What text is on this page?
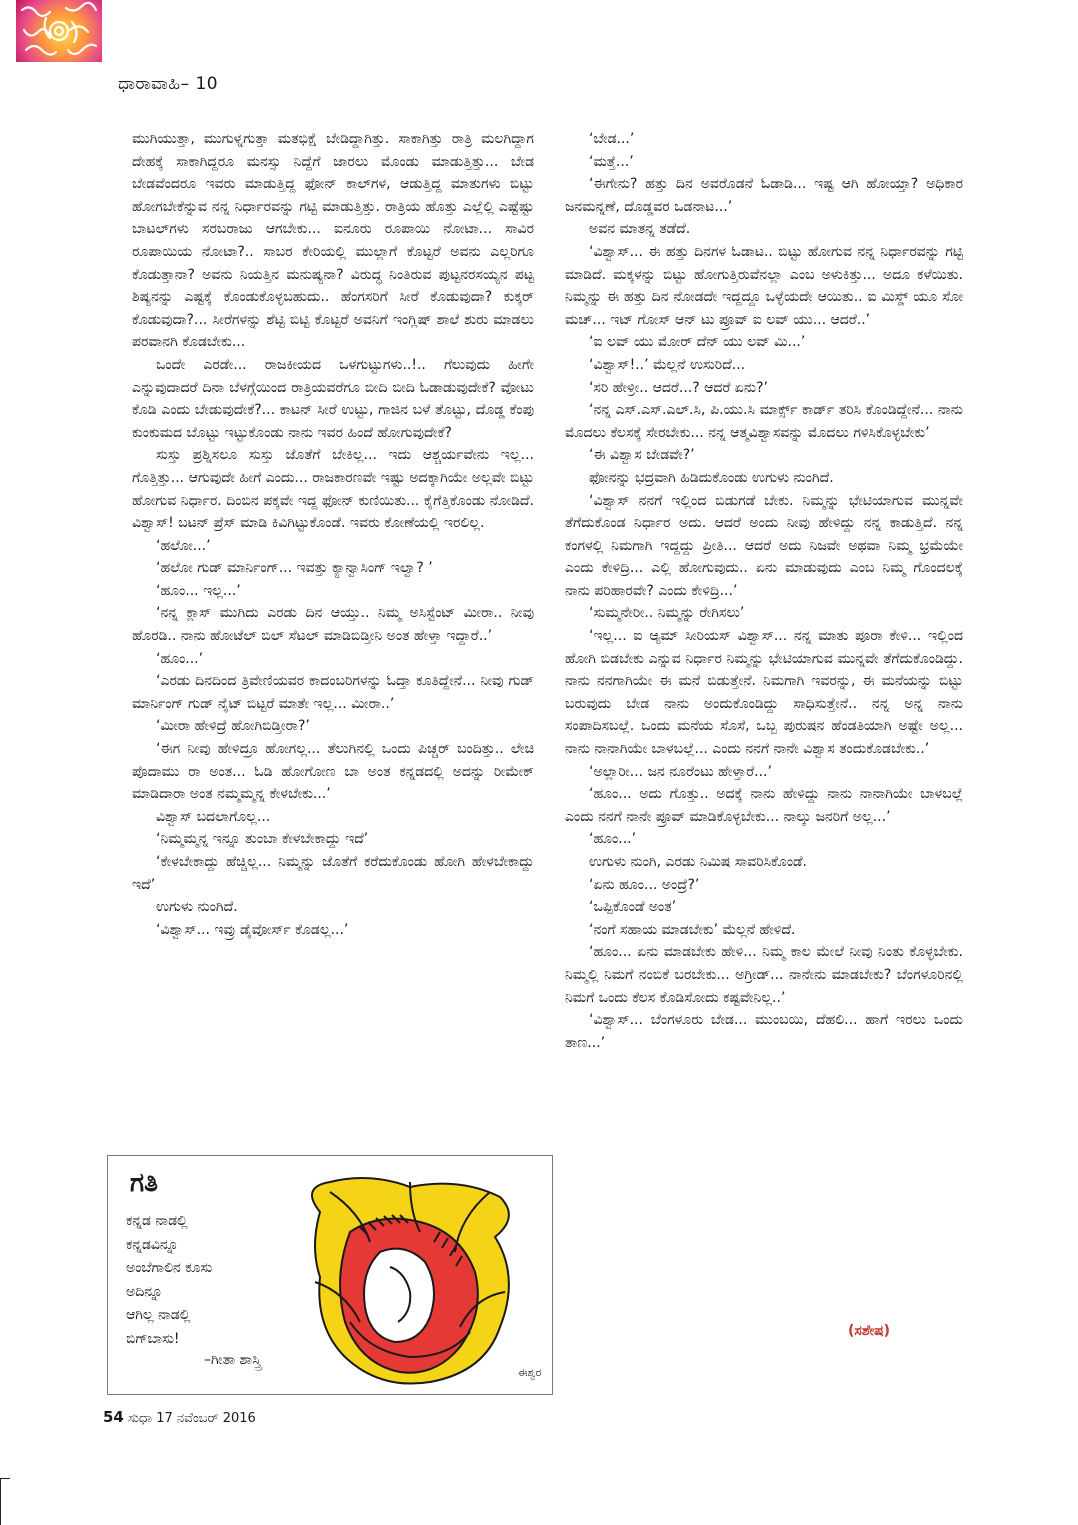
ಧಾರಾವಾಹಿ– 10

ಮುಗಿಯುತ್ತಾ, ಮುಗುಳ್ನಗುತ್ತಾ ಮತಭಿಕ್ಷೆ ಬೇಡಿದ್ದಾಗಿತ್ತು. ಸಾಕಾಗಿತ್ತು ರಾತ್ರಿ ಮಲಗಿದ್ದಾಗ ದೇಹಕ್ಕೆ ಸಾಕಾಗಿದ್ದರೂ ಮನಸ್ಸು ನಿದ್ದೆಗೆ ಜಾರಲು ಮೊಂಡು ಮಾಡುತ್ತಿತ್ತು... ಬೇಡ ಬೇಡವೆಂದರೂ ಇವರು ಮಾಡುತ್ತಿದ್ದ ಫೋನ್ ಕಾಲ್‌ಗಳ, ಆಡುತ್ತಿದ್ದ ಮಾತುಗಳು ಬಿಟ್ಟು ಹೋಗಬೇಕೆನ್ನುವ ನನ್ನ ನಿರ್ಧಾರವನ್ನು ಗಟ್ಟಿ ಮಾಡುತ್ತಿತ್ತು. ರಾತ್ರಿಯ ಹೊತ್ತು ಎಲ್ಲೆಲ್ಲಿ ಎಷ್ಟೆಷ್ಟು ಬಾಟಲ್‌ಗಳು ಸರಬರಾಜು ಆಗಬೇಕು... ಐನೂರು ರೂಪಾಯಿ ನೋಟಾ... ಸಾವಿರ ರೂಪಾಯಿಯ ನೋಟಾ?.. ಸಾಬರ ಕೇರಿಯಲ್ಲಿ ಮುಲ್ಲಾಗೆ ಕೊಟ್ಟರೆ ಅವನು ಎಲ್ಲರಿಗೂ ಕೊಡುತ್ತಾನಾ? ಅವನು ನಿಯತ್ತಿನ ಮನುಷ್ಯನಾ? ವಿರುದ್ಧ ನಿಂತಿರುವ ಪುಟ್ಟನರಸಯ್ಯನ ಪಟ್ಟ ಶಿಷ್ಯನನ್ನು ಎಷ್ಟಕ್ಕೆ ಕೊಂಡುಕೊಳ್ಳಬಹುದು.. ಹೆಂಗಸರಿಗೆ ಸೀರೆ ಕೊಡುವುದಾ? ಕುಕ್ಕರ್ ಕೊಡುವುದಾ?... ಸೀರೆಗಳನ್ನು ಶೆಟ್ಟಿ ಬಿಟ್ಟಿ ಕೊಟ್ಟರೆ ಅವನಿಗೆ ಇಂಗ್ಲಿಷ್ ಶಾಲೆ ಶುರು ಮಾಡಲು ಪರವಾನಗಿ ಕೊಡಬೇಕು...

ಒಂದೇ ಎರಡೇ... ರಾಜಕೀಯದ ಒಳಗುಟ್ಟುಗಳು..!.. ಗೆಲುವುದು ಹೀಗೇ ಎನ್ನುವುದಾದರೆ ದಿನಾ ಬೆಳಗ್ಗೆಯಿಂದ ರಾತ್ರಿಯವರೆಗೂ ಬೀದಿ ಬೀದಿ ಓಡಾಡುವುದೇಕೆ? ವೋಟು ಕೊಡಿ ಎಂದು ಬೇಡುವುದೇಕೆ?... ಕಾಟನ್ ಸೀರೆ ಉಟ್ಟು, ಗಾಜಿನ ಬಳೆ ತೊಟ್ಟು, ದೊಡ್ಡ ಕೆಂಪು ಕುಂಕುಮದ ಬೊಟ್ಟು ಇಟ್ಟುಕೊಂಡು ನಾನು ಇವರ ಹಿಂದೆ ಹೋಗುವುದೇಕೆ?

ಸುಸ್ತು ಪ್ರಶ್ನಿಸಲೂ ಸುಸ್ತು ಜೊತೆಗೆ ಬೇಕಿಲ್ಲ... ಇದು ಆಶ್ಚರ್ಯವೇನು ಇಲ್ಲ... ಗೊತ್ತಿತ್ತು... ಆಗುವುದೇ ಹೀಗೆ ಎಂದು... ರಾಜಕಾರಣವೇ ಇಷ್ಟು ಅದಕ್ಕಾಗಿಯೇ ಅಲ್ಲವೇ ಬಿಟ್ಟು ಹೋಗುವ ನಿರ್ಧಾರ. ದಿಂಬಿನ ಪಕ್ಕವೇ ಇದ್ದ ಫೋನ್ ಕುಣಿಯಿತು... ಕೈಗೆತ್ತಿಕೊಂಡು ನೋಡಿದೆ. ವಿಶ್ವಾಸ್! ಬಟನ್ ಪ್ರೆಸ್ ಮಾಡಿ ಕಿವಿಗಿಟ್ಟುಕೊಂಡೆ. ಇವರು ಕೋಣೆಯಲ್ಲಿ ಇರಲಿಲ್ಲ.

‘ಹಲೋ...’

‘ಹಲೋ ಗುಡ್ ಮಾರ್ನಿಂಗ್... ಇವತ್ತು ಕ್ಯಾನ್ವಾಸಿಂಗ್ ಇಲ್ವಾ? ’

‘ಹೂಂ... ಇಲ್ಲ...’

‘ನನ್ನ ಕ್ಲಾಸ್ ಮುಗಿದು ಎರಡು ದಿನ ಆಯ್ತು.. ನಿಮ್ಮ ಅಸಿಸ್ಟೆಂಟ್ ಮೀರಾ.. ನೀವು ಹೊರಡಿ.. ನಾನು ಹೋಟೆಲ್ ಬಿಲ್ ಸೆಟಲ್ ಮಾಡಿಬಿಡ್ತೀನಿ ಅಂತ ಹೇಳ್ತಾ ಇದ್ದಾರೆ..’

‘ಹೂಂ...’

‘ಎರಡು ದಿನದಿಂದ ತ್ರಿವೇಣಿಯವರ ಕಾದಂಬರಿಗಳನ್ನು ಓದ್ತಾ ಕೂತಿದ್ದೇನೆ... ನೀವು ಗುಡ್ ಮಾರ್ನಿಂಗ್ ಗುಡ್ ನೈಟ್ ಬಿಟ್ಟರೆ ಮಾತೇ ಇಲ್ಲ... ಮೀರಾ..’

‘ಮೀರಾ ಹೇಳಿದ್ರೆ ಹೋಗಿಬಿಡ್ತೀರಾ?’

‘ಈಗ ನೀವು ಹೇಳಿದ್ರೂ ಹೋಗಲ್ಲ... ತೆಲುಗಿನಲ್ಲಿ ಒಂದು ಪಿಚ್ಚರ್ ಬಂದಿತ್ತು.. ಲೇಚಿ ಪೊದಾಮು ರಾ ಅಂತ... ಓಡಿ ಹೋಗೋಣ ಬಾ ಅಂತ ಕನ್ನಡದಲ್ಲಿ ಅದನ್ನು ರೀಮೇಕ್ ಮಾಡಿದಾರಾ ಅಂತ ನಮ್ಮಮ್ಮನ್ನ ಕೇಳಬೇಕು...’

ವಿಶ್ವಾಸ್ ಬದಲಾಗೊಲ್ಲ...

‘ನಿಮ್ಮಮ್ಮನ್ನ ಇನ್ನೂ ತುಂಬಾ ಕೇಳಬೇಕಾದ್ದು ಇದೆ’

‘ಕೇಳಬೇಕಾದ್ದು ಹೆಚ್ಚಿಲ್ಲ... ನಿಮ್ಮನ್ನು ಜೊತೆಗೆ ಕರೆದುಕೊಂಡು ಹೋಗಿ ಹೇಳಬೇಕಾದ್ದು ಇದೆ’

ಉಗುಳು ನುಂಗಿದೆ.

‘ವಿಶ್ವಾಸ್... ಇವ್ರು ಡೈವೋರ್ಸ್ ಕೊಡಲ್ಲ...’

‘ಬೇಡ...’

‘ಮತ್ತೆ...’

‘ಈಗೇನು? ಹತ್ತು ದಿನ ಅವರೊಡನೆ ಓಡಾಡಿ... ಇಷ್ಟ ಆಗಿ ಹೋಯ್ತಾ? ಅಧಿಕಾರ ಜನಮನ್ನಣೆ, ದೊಡ್ಡವರ ಒಡನಾಟ...’

ಅವನ ಮಾತನ್ನ ತಡೆದೆ.

‘ವಿಶ್ವಾಸ್... ಈ ಹತ್ತು ದಿನಗಳ ಓಡಾಟ.. ಬಿಟ್ಟು ಹೋಗುವ ನನ್ನ ನಿರ್ಧಾರವನ್ನು ಗಟ್ಟಿ ಮಾಡಿದೆ. ಮಕ್ಕಳನ್ನು ಬಿಟ್ಟು ಹೋಗುತ್ತಿರುವೆನಲ್ಲಾ ಎಂಬ ಅಳುಕಿತ್ತು... ಅದೂ ಕಳೆಯಿತು. ನಿಮ್ಮನ್ನು ಈ ಹತ್ತು ದಿನ ನೋಡದೇ ಇದ್ದದ್ದೂ ಒಳ್ಳೆಯದೇ ಆಯಿತು.. ಐ ಮಿಸ್ಡ್ ಯೂ ಸೋ ಮಚ್... ಇಟ್ ಗೋಸ್ ಆನ್ ಟು ಪ್ರೂವ್ ಐ ಲವ್ ಯು... ಆದರೆ..’

‘ಐ ಲವ್ ಯು ಮೋರ್ ದೆನ್ ಯು ಲವ್ ಮಿ...’

‘ವಿಶ್ವಾಸ್!..’ ಮೆಲ್ಲನೆ ಉಸುರಿದೆ...

‘ಸರಿ ಹೇಳ್ರೀ.. ಆದರೆ...? ಆದರೆ ಏನು?’

‘ನನ್ನ ಎಸ್.ಎಸ್.ಎಲ್.ಸಿ, ಪಿ.ಯು.ಸಿ ಮಾರ್ಕ್ಸ್ ಕಾರ್ಡ್ ತರಿಸಿ ಕೊಂಡಿದ್ದೇನೆ... ನಾನು ಮೊದಲು ಕೆಲಸಕ್ಕೆ ಸೇರಬೇಕು... ನನ್ನ ಆತ್ಮವಿಶ್ವಾಸವನ್ನು ಮೊದಲು ಗಳಿಸಿಕೊಳ್ಳಬೇಕು’

‘ಈ ವಿಶ್ವಾಸ ಬೇಡವೇ?’

ಫೋನನ್ನು ಭದ್ರವಾಗಿ ಹಿಡಿದುಕೊಂಡು ಉಗುಳು ನುಂಗಿದೆ.

‘ವಿಶ್ವಾಸ್ ನನಗೆ ಇಲ್ಲಿಂದ ಬಿಡುಗಡೆ ಬೇಕು. ನಿಮ್ಮನ್ನು ಭೇಟಿಯಾಗುವ ಮುನ್ನವೇ ತೆಗೆದುಕೊಂಡ ನಿರ್ಧಾರ ಅದು. ಆದರೆ ಅಂದು ನೀವು ಹೇಳಿದ್ದು ನನ್ನ ಕಾಡುತ್ತಿದೆ. ನನ್ನ ಕಂಗಳಲ್ಲಿ ನಿಮಗಾಗಿ ಇದ್ದದ್ದು ಪ್ರೀತಿ... ಆದರೆ ಅದು ನಿಜವೇ ಅಥವಾ ನಿಮ್ಮ ಭ್ರಮೆಯೇ ಎಂದು ಕೇಳಿದ್ರಿ... ಎಲ್ಲಿ ಹೋಗುವುದು.. ಏನು ಮಾಡುವುದು ಎಂಬ ನಿಮ್ಮ ಗೊಂದಲಕ್ಕೆ ನಾನು ಪರಿಹಾರವೇ? ಎಂದು ಕೇಳಿದ್ರಿ...’

‘ಸುಮ್ಮನೇರೀ.. ನಿಮ್ಮನ್ನು ರೇಗಿಸಲು’

‘ಇಲ್ಲ... ಐ ಆ್ಯಮ್ ಸೀರಿಯಸ್ ವಿಶ್ವಾಸ್... ನನ್ನ ಮಾತು ಪೂರಾ ಕೇಳಿ... ಇಲ್ಲಿಂದ ಹೋಗಿ ಬಿಡಬೇಕು ಎನ್ನುವ ನಿರ್ಧಾರ ನಿಮ್ಮನ್ನು ಭೇಟಿಯಾಗುವ ಮುನ್ನವೇ ತೆಗೆದುಕೊಂಡಿದ್ದು. ನಾನು ನನಗಾಗಿಯೇ ಈ ಮನೆ ಬಿಡುತ್ತೇನೆ. ನಿಮಗಾಗಿ ಇವರನ್ನು, ಈ ಮನೆಯನ್ನು ಬಿಟ್ಟು ಬರುವುದು ಬೇಡ ನಾನು ಅಂದುಕೊಂಡಿದ್ದು ಸಾಧಿಸುತ್ತೇನೆ.. ನನ್ನ ಅನ್ನ ನಾನು ಸಂಪಾದಿಸಬಲ್ಲೆ. ಒಂದು ಮನೆಯ ಸೊಸೆ, ಒಬ್ಬ ಪುರುಷನ ಹೆಂಡತಿಯಾಗಿ ಅಷ್ಟೇ ಅಲ್ಲ... ನಾನು ನಾನಾಗಿಯೇ ಬಾಳಬಲ್ಲೆ... ಎಂದು ನನಗೆ ನಾನೇ ವಿಶ್ವಾಸ ತಂದುಕೊಡಬೇಕು..’

‘ಅಲ್ಲಾರೀ... ಜನ ನೂರೆಂಟು ಹೇಳ್ತಾರೆ...’

‘ಹೂಂ... ಅದು ಗೊತ್ತು.. ಅದಕ್ಕೆ ನಾನು ಹೇಳಿದ್ದು ನಾನು ನಾನಾಗಿಯೇ ಬಾಳಬಲ್ಲೆ ಎಂದು ನನಗೆ ನಾನೇ ಪ್ರೂವ್ ಮಾಡಿಕೊಳ್ಳಬೇಕು... ನಾಲ್ಕು ಜನರಿಗೆ ಅಲ್ಲ...’

‘ಹೂಂ...’

ಉಗುಳು ನುಂಗಿ, ಎರಡು ನಿಮಿಷ ಸಾವರಿಸಿಕೊಂಡೆ.

‘ಏನು ಹೂಂ... ಅಂದ್ರೆ?’

‘ಒಪ್ಪಿಕೊಂಡೆ ಅಂತ’

‘ನಂಗೆ ಸಹಾಯ ಮಾಡಬೇಕು’ ಮೆಲ್ಲನೆ ಹೇಳಿದೆ.

‘ಹೂಂ... ಏನು ಮಾಡಬೇಕು ಹೇಳಿ... ನಿಮ್ಮ ಕಾಲ ಮೇಲೆ ನೀವು ನಿಂತು ಕೊಳ್ಳಬೇಕು. ನಿಮ್ಮಲ್ಲಿ ನಿಮಗೆ ನಂಬಿಕೆ ಬರಬೇಕು... ಅಗ್ರೀಡ್... ನಾನೇನು ಮಾಡಬೇಕು? ಬೆಂಗಳೂರಿನಲ್ಲಿ ನಿಮಗೆ ಒಂದು ಕೆಲಸ ಕೊಡಿಸೋದು ಕಷ್ಟವೇನಿಲ್ಲ..’

‘ವಿಶ್ವಾಸ್... ಬೆಂಗಳೂರು ಬೇಡ... ಮುಂಬಯಿ, ದೆಹಲಿ... ಹಾಗೆ ಇರಲು ಒಂದು ತಾಣ...’

ಗತಿ
ಕನ್ನಡ ನಾಡಲ್ಲಿ
ಕನ್ನಡವಿನ್ನೂ
ಅಂಬೆಗಾಲಿನ ಕೂಸು
ಅದಿನ್ನೂ
ಆಗಿಲ್ಲ ನಾಡಲ್ಲಿ
ಬಿಗ್‌ಬಾಸು!
–ಗೀತಾ ಶಾಸ್ತ್ರಿ
ಈಶ್ವರ
(ಸಶೇಷ)
54 ಸುಧಾ 17 ನವೆಂಬರ್ 2016
